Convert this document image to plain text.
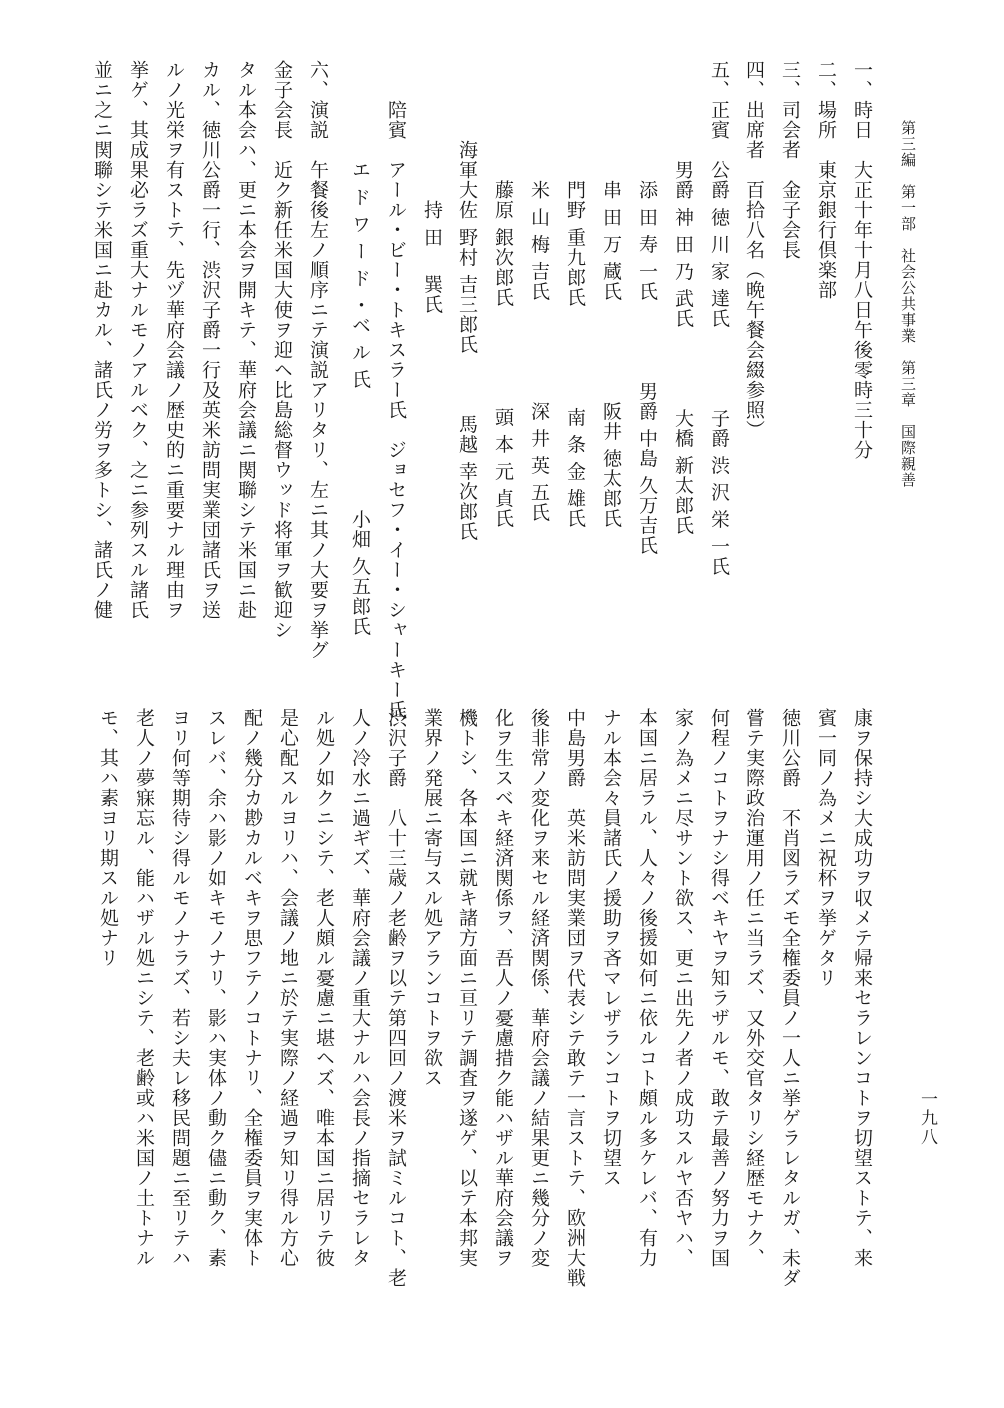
第三編　第一部　社会公共事業　第三章　国際親善
一九八
一、時日　大正十年十月八日午後零時三十分
二、場所　東京銀行倶楽部
三、司会者　金子会長
四、出席者　百拾八名（晩午餐会綴参照）
五、正賓　公爵 徳 川 家 達氏　　　　子爵 渋 沢 栄 一氏
　　　　　男爵 神 田 乃 武氏　　　　大橋 新太郎氏
　　　　　　添 田 寿 一氏　　　　男爵 中島 久万吉氏
　　　　　　串 田 万 蔵氏　　　　　阪井 徳太郎氏
　　　　　　門野 重九郎氏　　　　　南 条 金 雄氏
　　　　　　米 山 梅 吉氏　　　　　深 井 英 五氏
　　　　　　藤原 銀次郎氏　　　　　頭 本 元 貞氏
　　　　海軍大佐 野村 吉三郎氏　　　馬越 幸次郎氏
　　　　　　　持 田 　巽氏
　　陪賓　アール・ビー・トキスラー氏　ジョセフ・イー・シャーキー氏
　　　　　エ ド ワ ー ド ・ベ ル 氏　　　　　　小畑 久五郎氏
六、演説　午餐後左ノ順序ニテ演説アリタリ、左ニ其ノ大要ヲ挙グ
金子会長　近ク新任米国大使ヲ迎ヘ比島総督ウッド将軍ヲ歓迎シ
タル本会ハ、更ニ本会ヲ開キテ、華府会議ニ関聯シテ米国ニ赴
カル、徳川公爵一行、渋沢子爵一行及英米訪問実業団諸氏ヲ送
ルノ光栄ヲ有ストテ、先ヅ華府会議ノ歴史的ニ重要ナル理由ヲ
挙ゲ、其成果必ラズ重大ナルモノアルベク、之ニ参列スル諸氏
並ニ之ニ関聯シテ米国ニ赴カル、諸氏ノ労ヲ多トシ、諸氏ノ健
康ヲ保持シ大成功ヲ収メテ帰来セラレンコトヲ切望ストテ、来
賓一同ノ為メニ祝杯ヲ挙ゲタリ
徳川公爵　不肖図ラズモ全権委員ノ一人ニ挙ゲラレタルガ、未ダ
嘗テ実際政治運用ノ任ニ当ラズ、又外交官タリシ経歴モナク、
何程ノコトヲナシ得ベキヤヲ知ラザルモ、敢テ最善ノ努力ヲ国
家ノ為メニ尽サント欲ス、更ニ出先ノ者ノ成功スルヤ否ヤハ、
本国ニ居ラル、人々ノ後援如何ニ依ルコト頗ル多ケレバ、有力
ナル本会々員諸氏ノ援助ヲ吝マレザランコトヲ切望ス
中島男爵　英米訪問実業団ヲ代表シテ敢テ一言ストテ、欧洲大戦
後非常ノ変化ヲ来セル経済関係、華府会議ノ結果更ニ幾分ノ変
化ヲ生スベキ経済関係ヲ、吾人ノ憂慮措ク能ハザル華府会議ヲ
機トシ、各本国ニ就キ諸方面ニ亘リテ調査ヲ遂ゲ、以テ本邦実
業界ノ発展ニ寄与スル処アランコトヲ欲ス
渋沢子爵　八十三歳ノ老齢ヲ以テ第四回ノ渡米ヲ試ミルコト、老
人ノ冷水ニ過ギズ、華府会議ノ重大ナルハ会長ノ指摘セラレタ
ル処ノ如クニシテ、老人頗ル憂慮ニ堪ヘズ、唯本国ニ居リテ彼
是心配スルヨリハ、会議ノ地ニ於テ実際ノ経過ヲ知リ得ル方心
配ノ幾分カ尠カルベキヲ思フテノコトナリ、全権委員ヲ実体ト
スレバ、余ハ影ノ如キモノナリ、影ハ実体ノ動ク儘ニ動ク、素
ヨリ何等期待シ得ルモノナラズ、若シ夫レ移民問題ニ至リテハ
老人ノ夢寐忘ル、能ハザル処ニシテ、老齢或ハ米国ノ土トナル
モ、其ハ素ヨリ期スル処ナリ
